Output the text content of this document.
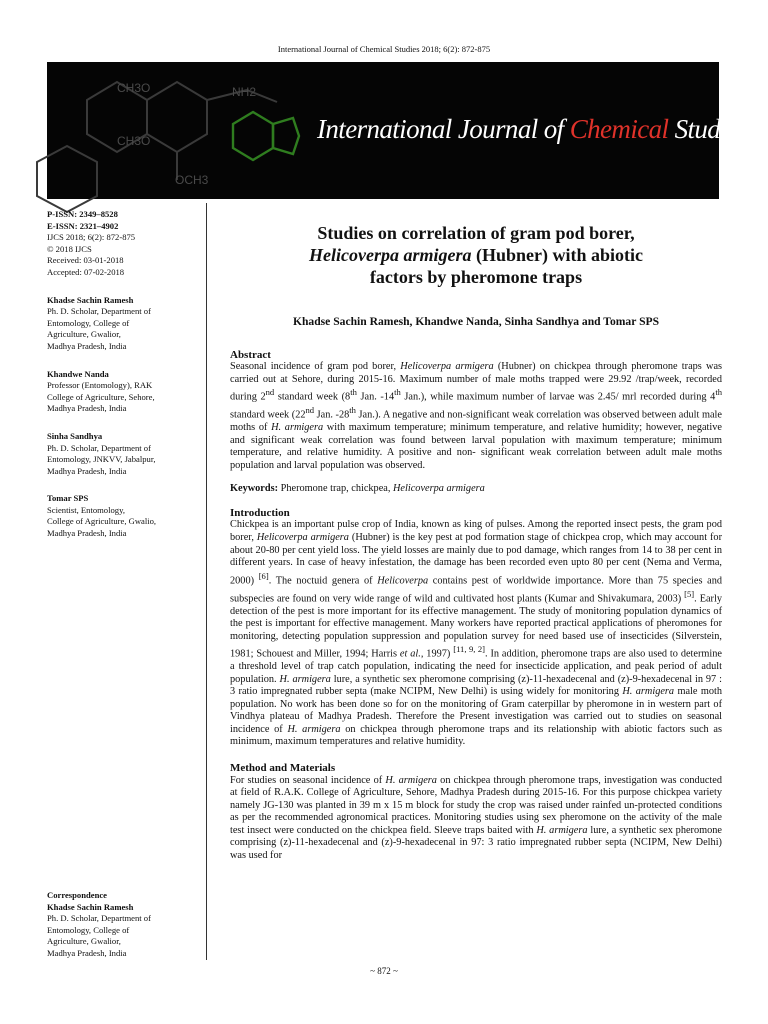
International Journal of Chemical Studies 2018; 6(2): 872-875
CH3O
CH3O
NH2
OCH3
International Journal of Chemical Studies
P-ISSN: 2349–8528
E-ISSN: 2321–4902
IJCS 2018; 6(2): 872-875
© 2018 IJCS
Received: 03-01-2018
Accepted: 07-02-2018
Khadse Sachin Ramesh
Ph. D. Scholar, Department of
Entomology, College of
Agriculture, Gwalior,
Madhya Pradesh, India
Khandwe Nanda
Professor (Entomology), RAK
College of Agriculture, Sehore,
Madhya Pradesh, India
Sinha Sandhya
Ph. D. Scholar, Department of
Entomology, JNKVV, Jabalpur,
Madhya Pradesh, India
Tomar SPS
Scientist, Entomology,
College of Agriculture, Gwalio,
Madhya Pradesh, India
Correspondence
Khadse Sachin Ramesh
Ph. D. Scholar, Department of
Entomology, College of
Agriculture, Gwalior,
Madhya Pradesh, India
Studies on correlation of gram pod borer,
Helicoverpa armigera (Hubner) with abiotic
factors by pheromone traps
Khadse Sachin Ramesh, Khandwe Nanda, Sinha Sandhya and Tomar SPS
Abstract

Seasonal incidence of gram pod borer, Helicoverpa armigera (Hubner) on chickpea through pheromone traps was carried out at Sehore, during 2015-16. Maximum number of male moths trapped were 29.92 /trap/week, recorded during 2nd standard week (8th Jan. -14th Jan.), while maximum number of larvae was 2.45/ mrl recorded during 4th standard week (22nd Jan. -28th Jan.). A negative and non-significant weak correlation was observed between adult male moths of H. armigera with maximum temperature; minimum temperature, and relative humidity; however, negative and significant weak correlation was found between larval population with maximum temperature; minimum temperature, and relative humidity. A positive and non- significant weak correlation between adult male moths population and larval population was observed.

Keywords: Pheromone trap, chickpea, Helicoverpa armigera

Introduction

Chickpea is an important pulse crop of India, known as king of pulses. Among the reported insect pests, the gram pod borer, Helicoverpa armigera (Hubner) is the key pest at pod formation stage of chickpea crop, which may account for about 20-80 per cent yield loss. The yield losses are mainly due to pod damage, which ranges from 14 to 38 per cent in different years. In case of heavy infestation, the damage has been recorded even upto 80 per cent (Nema and Verma, 2000) [6]. The noctuid genera of Helicoverpa contains pest of worldwide importance. More than 75 species and subspecies are found on very wide range of wild and cultivated host plants (Kumar and Shivakumara, 2003) [5]. Early detection of the pest is more important for its effective management. The study of monitoring population dynamics of the pest is important for effective management. Many workers have reported practical applications of pheromones for monitoring, detecting population suppression and population survey for need based use of insecticides (Silverstein, 1981; Schouest and Miller, 1994; Harris et al., 1997) [11, 9, 2]. In addition, pheromone traps are also used to determine a threshold level of trap catch population, indicating the need for insecticide application, and peak period of adult population. H. armigera lure, a synthetic sex pheromone comprising (z)-11-hexadecenal and (z)-9-hexadecenal in 97 : 3 ratio impregnated rubber septa (make NCIPM, New Delhi) is using widely for monitoring H. armigera male moth population. No work has been done so for on the monitoring of Gram caterpillar by pheromone in in western part of Vindhya plateau of Madhya Pradesh. Therefore the Present investigation was carried out to studies on seasonal incidence of H. armigera on chickpea through pheromone traps and its relationship with abiotic factors such as minimum, maximum temperatures and relative humidity.

Method and Materials

For studies on seasonal incidence of H. armigera on chickpea through pheromone traps, investigation was conducted at field of R.A.K. College of Agriculture, Sehore, Madhya Pradesh during 2015-16. For this purpose chickpea variety namely JG-130 was planted in 39 m x 15 m block for study the crop was raised under rainfed un-protected conditions as per the recommended agronomical practices. Monitoring studies using sex pheromone on the activity of the male test insect were conducted on the chickpea field. Sleeve traps baited with H. armigera lure, a synthetic sex pheromone comprising (z)-11-hexadecenal and (z)-9-hexadecenal in 97: 3 ratio impregnated rubber septa (NCIPM, New Delhi) was used for

~ 872 ~
